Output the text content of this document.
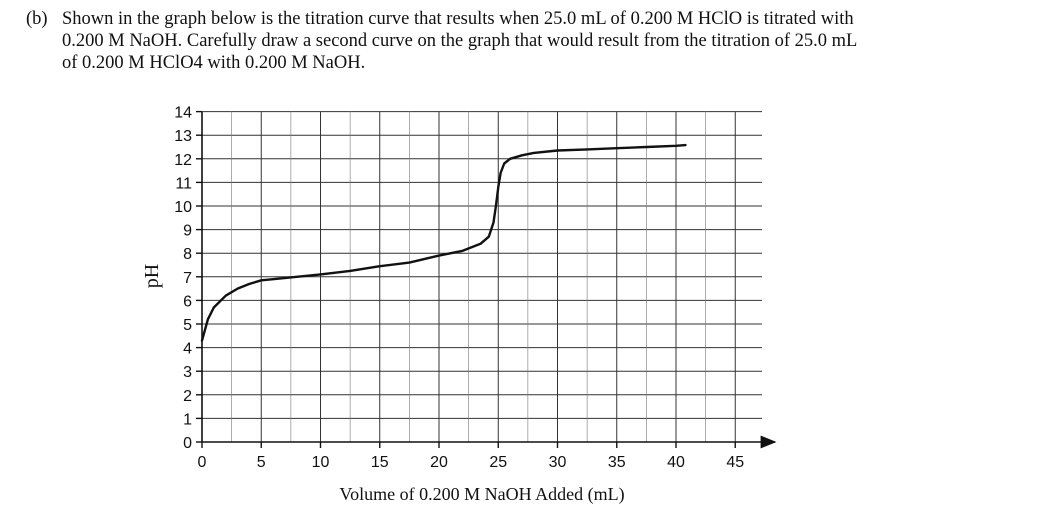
(b) Shown in the graph below is the titration curve that results when 25.0 mL of 0.200 M HClO is titrated with
0.200 M NaOH. Carefully draw a second curve on the graph that would result from the titration of 25.0 mL
of 0.200 M HClO4 with 0.200 M NaOH.
0
1
2
3
4
5
6
7
8
9
10
11
12
13
14
0	5	10	15	20	25	30	35	40	45
Volume of 0.200 M NaOH Added (mL)
pH
